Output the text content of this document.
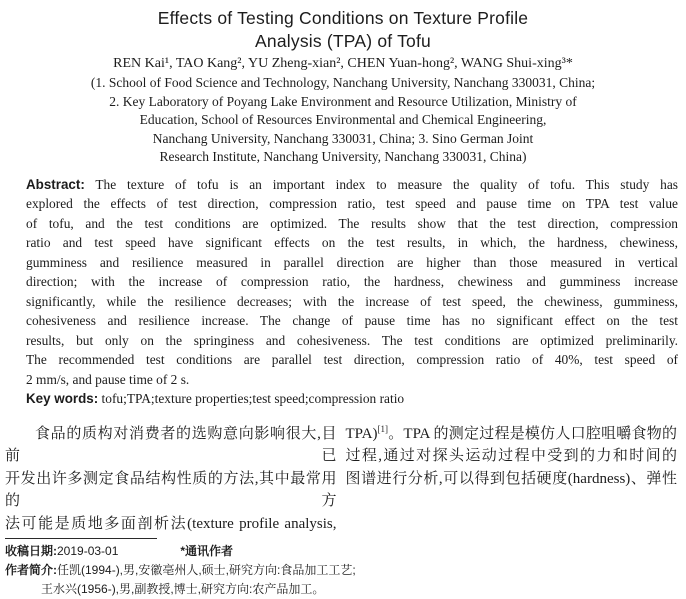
Effects of Testing Conditions on Texture Profile
Analysis (TPA) of Tofu
REN Kai¹, TAO Kang², YU Zheng-xian², CHEN Yuan-hong², WANG Shui-xing³*
(1. School of Food Science and Technology, Nanchang University, Nanchang 330031, China;
2. Key Laboratory of Poyang Lake Environment and Resource Utilization, Ministry of
Education, School of Resources Environmental and Chemical Engineering,
Nanchang University, Nanchang 330031, China; 3. Sino German Joint
Research Institute, Nanchang University, Nanchang 330031, China)
Abstract: The texture of tofu is an important index to measure the quality of tofu. This study has
explored the effects of test direction, compression ratio, test speed and pause time on TPA test value
of tofu, and the test conditions are optimized. The results show that the test direction, compression
ratio and test speed have significant effects on the test results, in which, the hardness, chewiness,
gumminess and resilience measured in parallel direction are higher than those measured in vertical
direction; with the increase of compression ratio, the hardness, chewiness and gumminess increase
significantly, while the resilience decreases; with the increase of test speed, the chewiness, gumminess,
cohesiveness and resilience increase. The change of pause time has no significant effect on the test
results, but only on the springiness and cohesiveness. The test conditions are optimized preliminarily.
The recommended test conditions are parallel test direction, compression ratio of 40%, test speed of
2 mm/s, and pause time of 2 s.
Key words: tofu;TPA;texture properties;test speed;compression ratio
食品的质构对消费者的选购意向影响很大,目前已
开发出许多测定食品结构性质的方法,其中最常用的方
法可能是质地多面剖析法(texture profile analysis,
TPA)[1]。TPA 的测定过程是模仿人口腔咀嚼食物的
过程,通过对探头运动过程中受到的力和时间的
图谱进行分析,可以得到包括硬度(hardness)、弹性
收稿日期:2019-03-01	*通讯作者
作者简介:任凯(1994-),男,安徽亳州人,硕士,研究方向:食品加工工艺;
王水兴(1956-),男,副教授,博士,研究方向:农产品加工。
